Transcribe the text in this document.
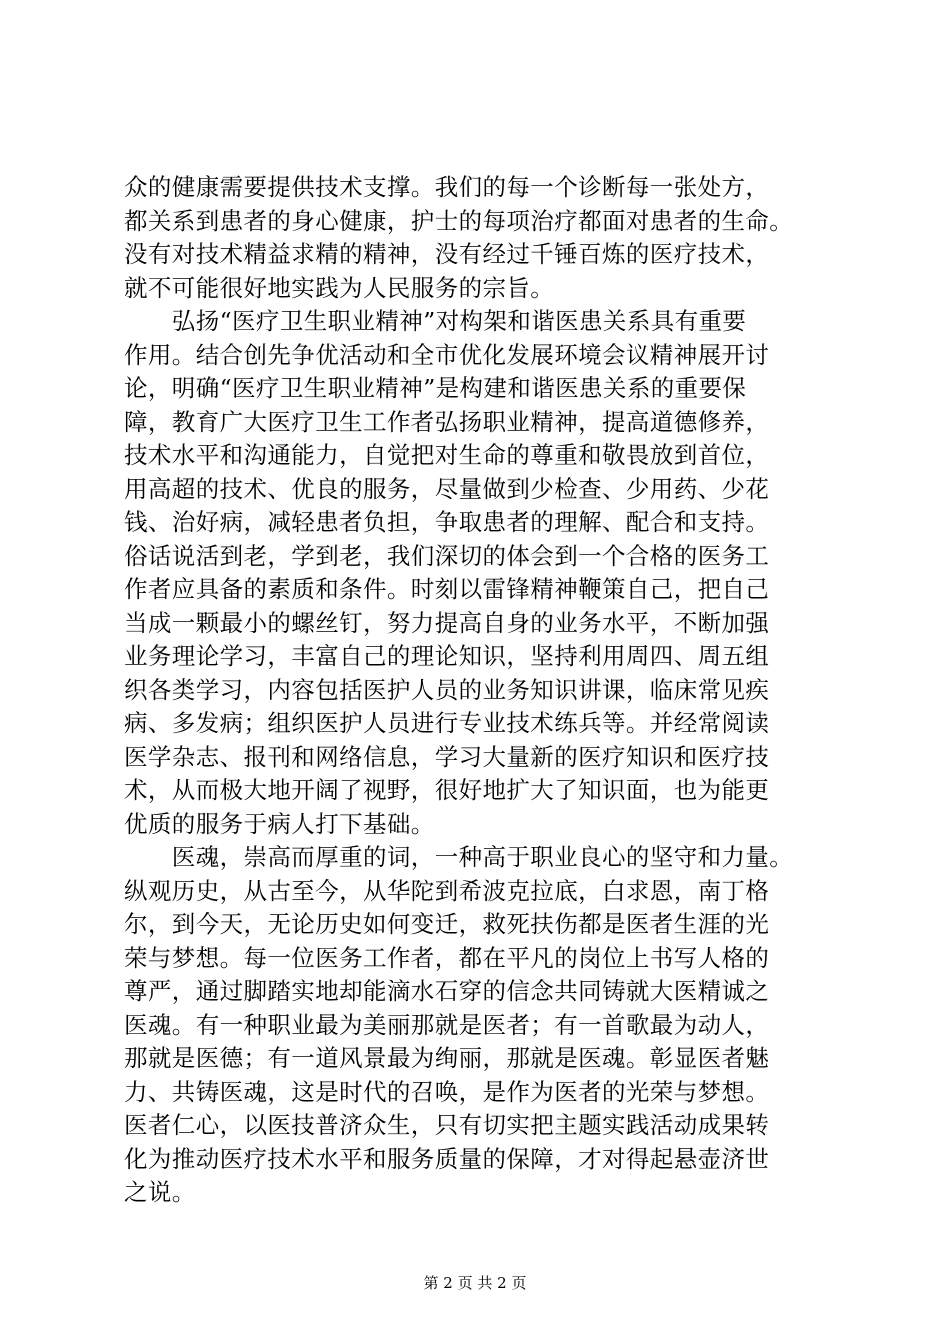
众的健康需要提供技术支撑。我们的每一个诊断每一张处方，
都关系到患者的身心健康，护士的每项治疗都面对患者的生命。
没有对技术精益求精的精神，没有经过千锤百炼的医疗技术，
就不可能很好地实践为人民服务的宗旨。
　　弘扬“医疗卫生职业精神”对构架和谐医患关系具有重要
作用。结合创先争优活动和全市优化发展环境会议精神展开讨
论，明确“医疗卫生职业精神”是构建和谐医患关系的重要保
障，教育广大医疗卫生工作者弘扬职业精神，提高道德修养，
技术水平和沟通能力，自觉把对生命的尊重和敬畏放到首位，
用高超的技术、优良的服务，尽量做到少检查、少用药、少花
钱、治好病，减轻患者负担，争取患者的理解、配合和支持。
俗话说活到老，学到老，我们深切的体会到一个合格的医务工
作者应具备的素质和条件。时刻以雷锋精神鞭策自己，把自己
当成一颗最小的螺丝钉，努力提高自身的业务水平，不断加强
业务理论学习，丰富自己的理论知识，坚持利用周四、周五组
织各类学习，内容包括医护人员的业务知识讲课，临床常见疾
病、多发病；组织医护人员进行专业技术练兵等。并经常阅读
医学杂志、报刊和网络信息，学习大量新的医疗知识和医疗技
术，从而极大地开阔了视野，很好地扩大了知识面，也为能更
优质的服务于病人打下基础。
　　医魂，崇高而厚重的词，一种高于职业良心的坚守和力量。
纵观历史，从古至今，从华陀到希波克拉底，白求恩，南丁格
尔，到今天，无论历史如何变迁，救死扶伤都是医者生涯的光
荣与梦想。每一位医务工作者，都在平凡的岗位上书写人格的
尊严，通过脚踏实地却能滴水石穿的信念共同铸就大医精诚之
医魂。有一种职业最为美丽那就是医者；有一首歌最为动人，
那就是医德；有一道风景最为绚丽，那就是医魂。彰显医者魅
力、共铸医魂，这是时代的召唤，是作为医者的光荣与梦想。
医者仁心，以医技普济众生，只有切实把主题实践活动成果转
化为推动医疗技术水平和服务质量的保障，才对得起悬壶济世
之说。
第 2 页 共 2 页
